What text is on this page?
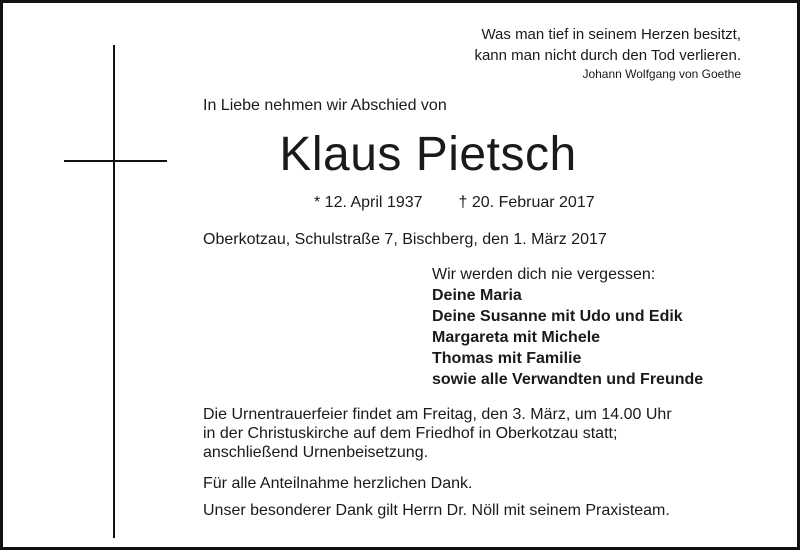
Was man tief in seinem Herzen besitzt,
kann man nicht durch den Tod verlieren.
Johann Wolfgang von Goethe
In Liebe nehmen wir Abschied von
Klaus Pietsch
* 12. April 1937 † 20. Februar 2017
Oberkotzau, Schulstraße 7, Bischberg, den 1. März 2017
Wir werden dich nie vergessen:
Deine Maria
Deine Susanne mit Udo und Edik
Margareta mit Michele
Thomas mit Familie
sowie alle Verwandten und Freunde
Die Urnentrauerfeier findet am Freitag, den 3. März, um 14.00 Uhr
in der Christuskirche auf dem Friedhof in Oberkotzau statt;
anschließend Urnenbeisetzung.
Für alle Anteilnahme herzlichen Dank.
Unser besonderer Dank gilt Herrn Dr. Nöll mit seinem Praxisteam.
